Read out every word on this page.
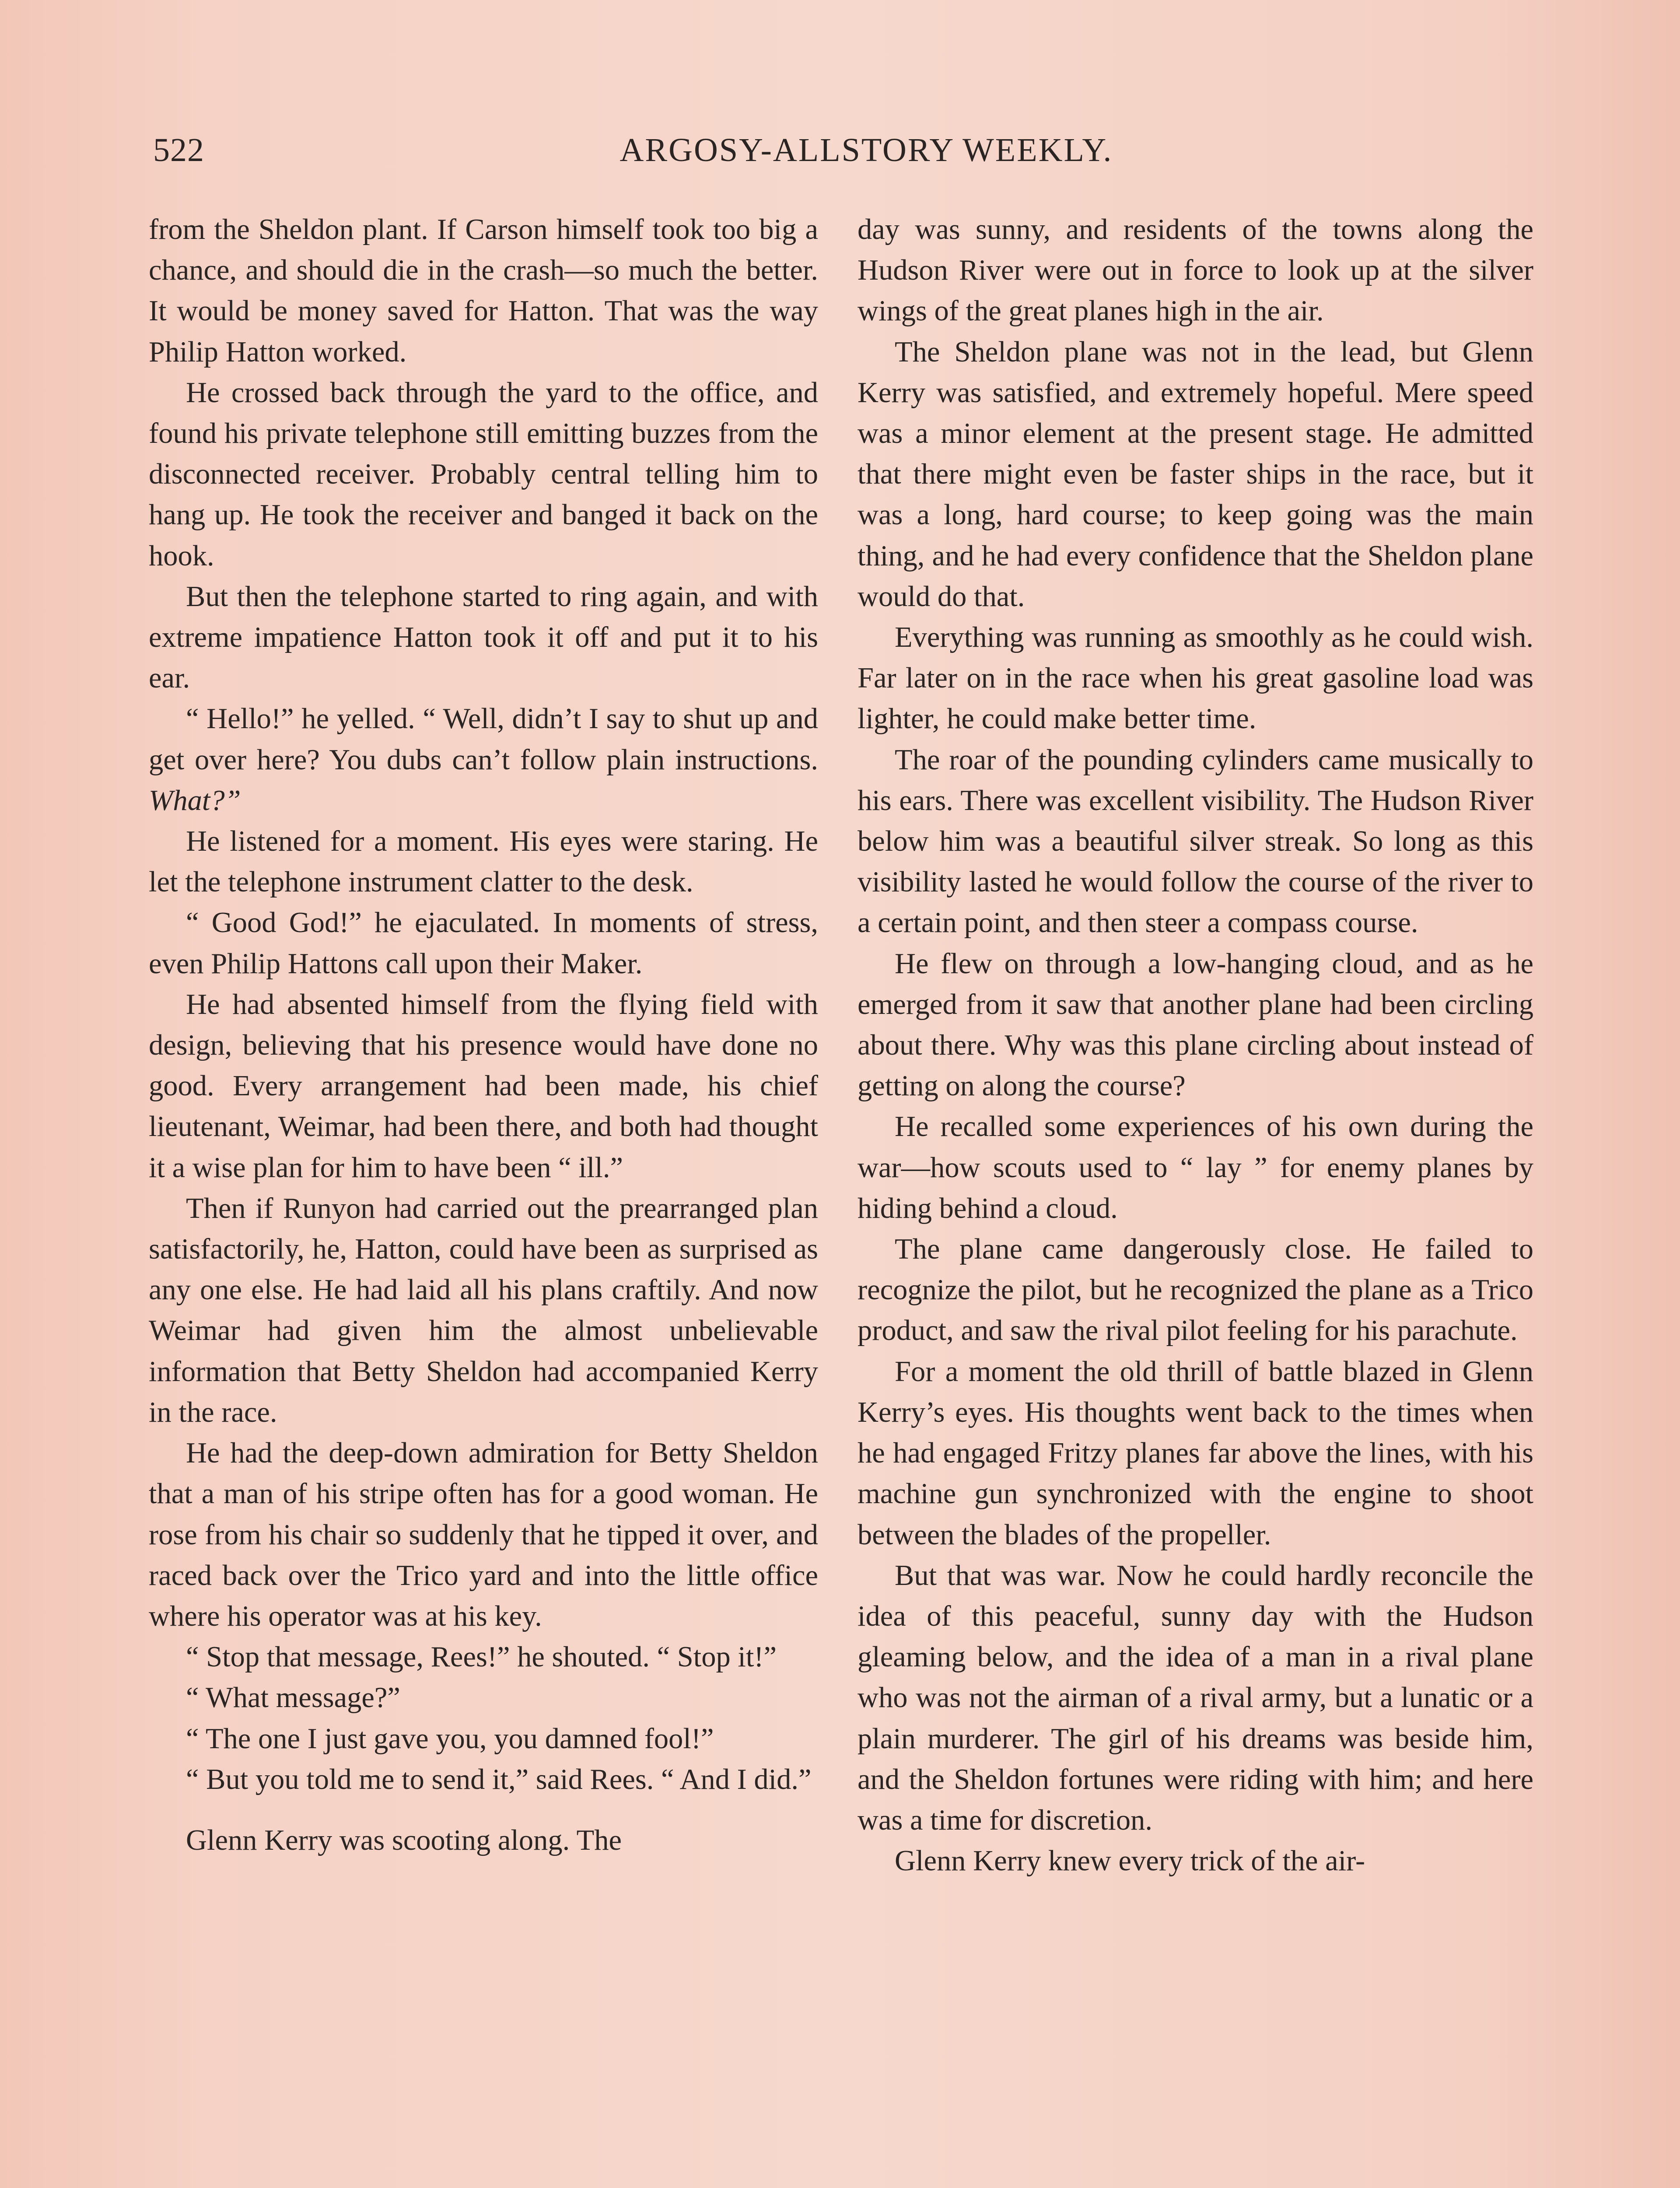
522	ARGOSY-ALLSTORY WEEKLY.

from the Sheldon plant. If Carson himself took too big a chance, and should die in the crash—so much the better. It would be money saved for Hatton. That was the way Philip Hatton worked.

He crossed back through the yard to the office, and found his private telephone still emitting buzzes from the disconnected receiver. Probably central telling him to hang up. He took the receiver and banged it back on the hook.

But then the telephone started to ring again, and with extreme impatience Hatton took it off and put it to his ear.

“ Hello!” he yelled. “ Well, didn’t I say to shut up and get over here? You dubs can’t follow plain instructions. What?”

He listened for a moment. His eyes were staring. He let the telephone instrument clatter to the desk.

“ Good God!” he ejaculated. In moments of stress, even Philip Hattons call upon their Maker.

He had absented himself from the flying field with design, believing that his presence would have done no good. Every arrangement had been made, his chief lieutenant, Weimar, had been there, and both had thought it a wise plan for him to have been “ ill.”

Then if Runyon had carried out the prearranged plan satisfactorily, he, Hatton, could have been as surprised as any one else. He had laid all his plans craftily. And now Weimar had given him the almost unbelievable information that Betty Sheldon had accompanied Kerry in the race.

He had the deep-down admiration for Betty Sheldon that a man of his stripe often has for a good woman. He rose from his chair so suddenly that he tipped it over, and raced back over the Trico yard and into the little office where his operator was at his key.

“ Stop that message, Rees!” he shouted. “ Stop it!”

“ What message?”

“ The one I just gave you, you damned fool!”

“ But you told me to send it,” said Rees. “ And I did.”

Glenn Kerry was scooting along. The

day was sunny, and residents of the towns along the Hudson River were out in force to look up at the silver wings of the great planes high in the air.

The Sheldon plane was not in the lead, but Glenn Kerry was satisfied, and extremely hopeful. Mere speed was a minor element at the present stage. He admitted that there might even be faster ships in the race, but it was a long, hard course; to keep going was the main thing, and he had every confidence that the Sheldon plane would do that.

Everything was running as smoothly as he could wish. Far later on in the race when his great gasoline load was lighter, he could make better time.

The roar of the pounding cylinders came musically to his ears. There was excellent visibility. The Hudson River below him was a beautiful silver streak. So long as this visibility lasted he would follow the course of the river to a certain point, and then steer a compass course.

He flew on through a low-hanging cloud, and as he emerged from it saw that another plane had been circling about there. Why was this plane circling about instead of getting on along the course?

He recalled some experiences of his own during the war—how scouts used to “ lay ” for enemy planes by hiding behind a cloud.

The plane came dangerously close. He failed to recognize the pilot, but he recognized the plane as a Trico product, and saw the rival pilot feeling for his parachute.

For a moment the old thrill of battle blazed in Glenn Kerry’s eyes. His thoughts went back to the times when he had engaged Fritzy planes far above the lines, with his machine gun synchronized with the engine to shoot between the blades of the propeller.

But that was war. Now he could hardly reconcile the idea of this peaceful, sunny day with the Hudson gleaming below, and the idea of a man in a rival plane who was not the airman of a rival army, but a lunatic or a plain murderer. The girl of his dreams was beside him, and the Sheldon fortunes were riding with him; and here was a time for discretion.

Glenn Kerry knew every trick of the air-
